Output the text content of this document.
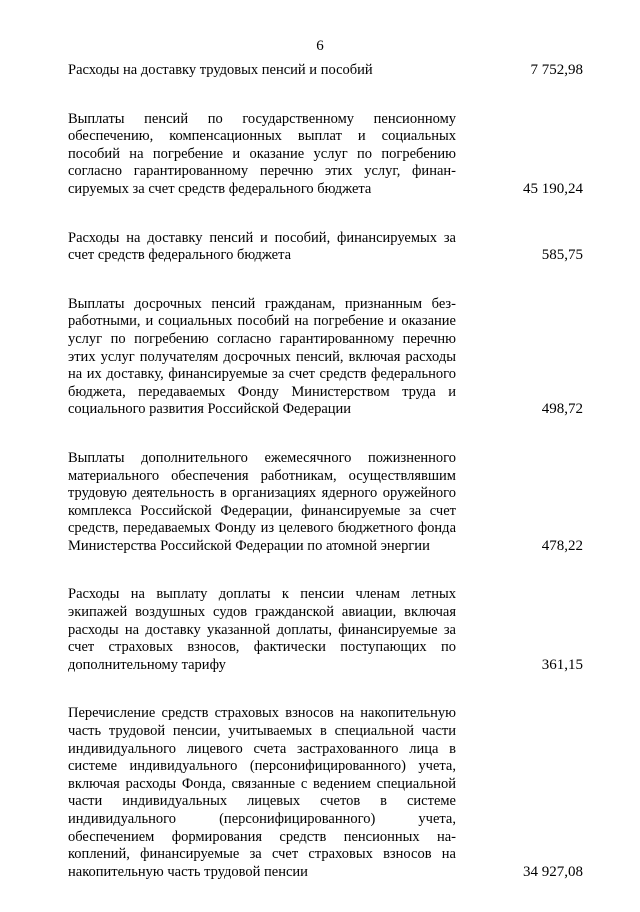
6
Расходы на доставку трудовых пенсий и пособий	7 752,98
Выплаты пенсий по государственному пенсионному обеспечению, компенсационных выплат и социальных пособий на погребение и оказание услуг по погребению согласно гарантированному перечню этих услуг, финансируемых за счет средств федерального бюджета	45 190,24
Расходы на доставку пенсий и пособий, финансируемых за счет средств федерального бюджета	585,75
Выплаты досрочных пенсий гражданам, признанным безработными, и социальных пособий на погребение и оказание услуг по погребению согласно гарантированному перечню этих услуг получателям досрочных пенсий, включая расходы на их доставку, финансируемые за счет средств федерального бюджета, передаваемых Фонду Министерством труда и социального развития Российской Федерации	498,72
Выплаты дополнительного ежемесячного пожизненного материального обеспечения работникам, осуществлявшим трудовую деятельность в организациях ядерного оружейного комплекса Российской Федерации, финансируемые за счет средств, передаваемых Фонду из целевого бюджетного фонда Министерства Российской Федерации по атомной энергии	478,22
Расходы на выплату доплаты к пенсии членам летных экипажей воздушных судов гражданской авиации, включая расходы на доставку указанной доплаты, финансируемые за счет страховых взносов, фактически поступающих по дополнительному тарифу	361,15
Перечисление средств страховых взносов на накопительную часть трудовой пенсии, учитываемых в специальной части индивидуального лицевого счета застрахованного лица в системе индивидуального (персонифицированного) учета, включая расходы Фонда, связанные с ведением специальной части индивидуальных лицевых счетов в системе индивидуального (персонифицированного) учета, обеспечением формирования средств пенсионных накоплений, финансируемые за счет страховых взносов на накопительную часть трудовой пенсии	34 927,08
